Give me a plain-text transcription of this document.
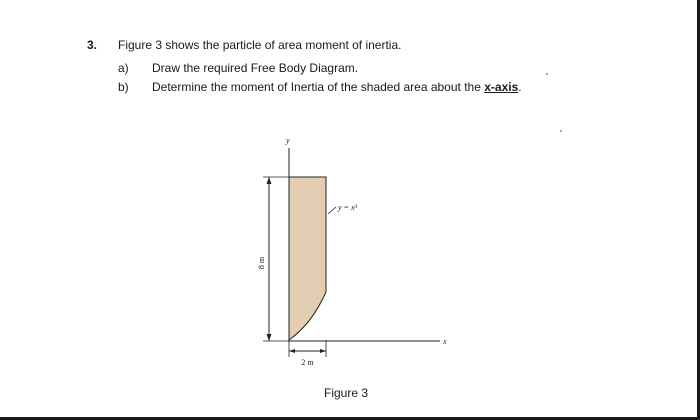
3. Figure 3 shows the particle of area moment of inertia.
a) Draw the required Free Body Diagram.
b) Determine the moment of Inertia of the shaded area about the x-axis.
y
x
y = x³
8 m
2 m
Figure 3
